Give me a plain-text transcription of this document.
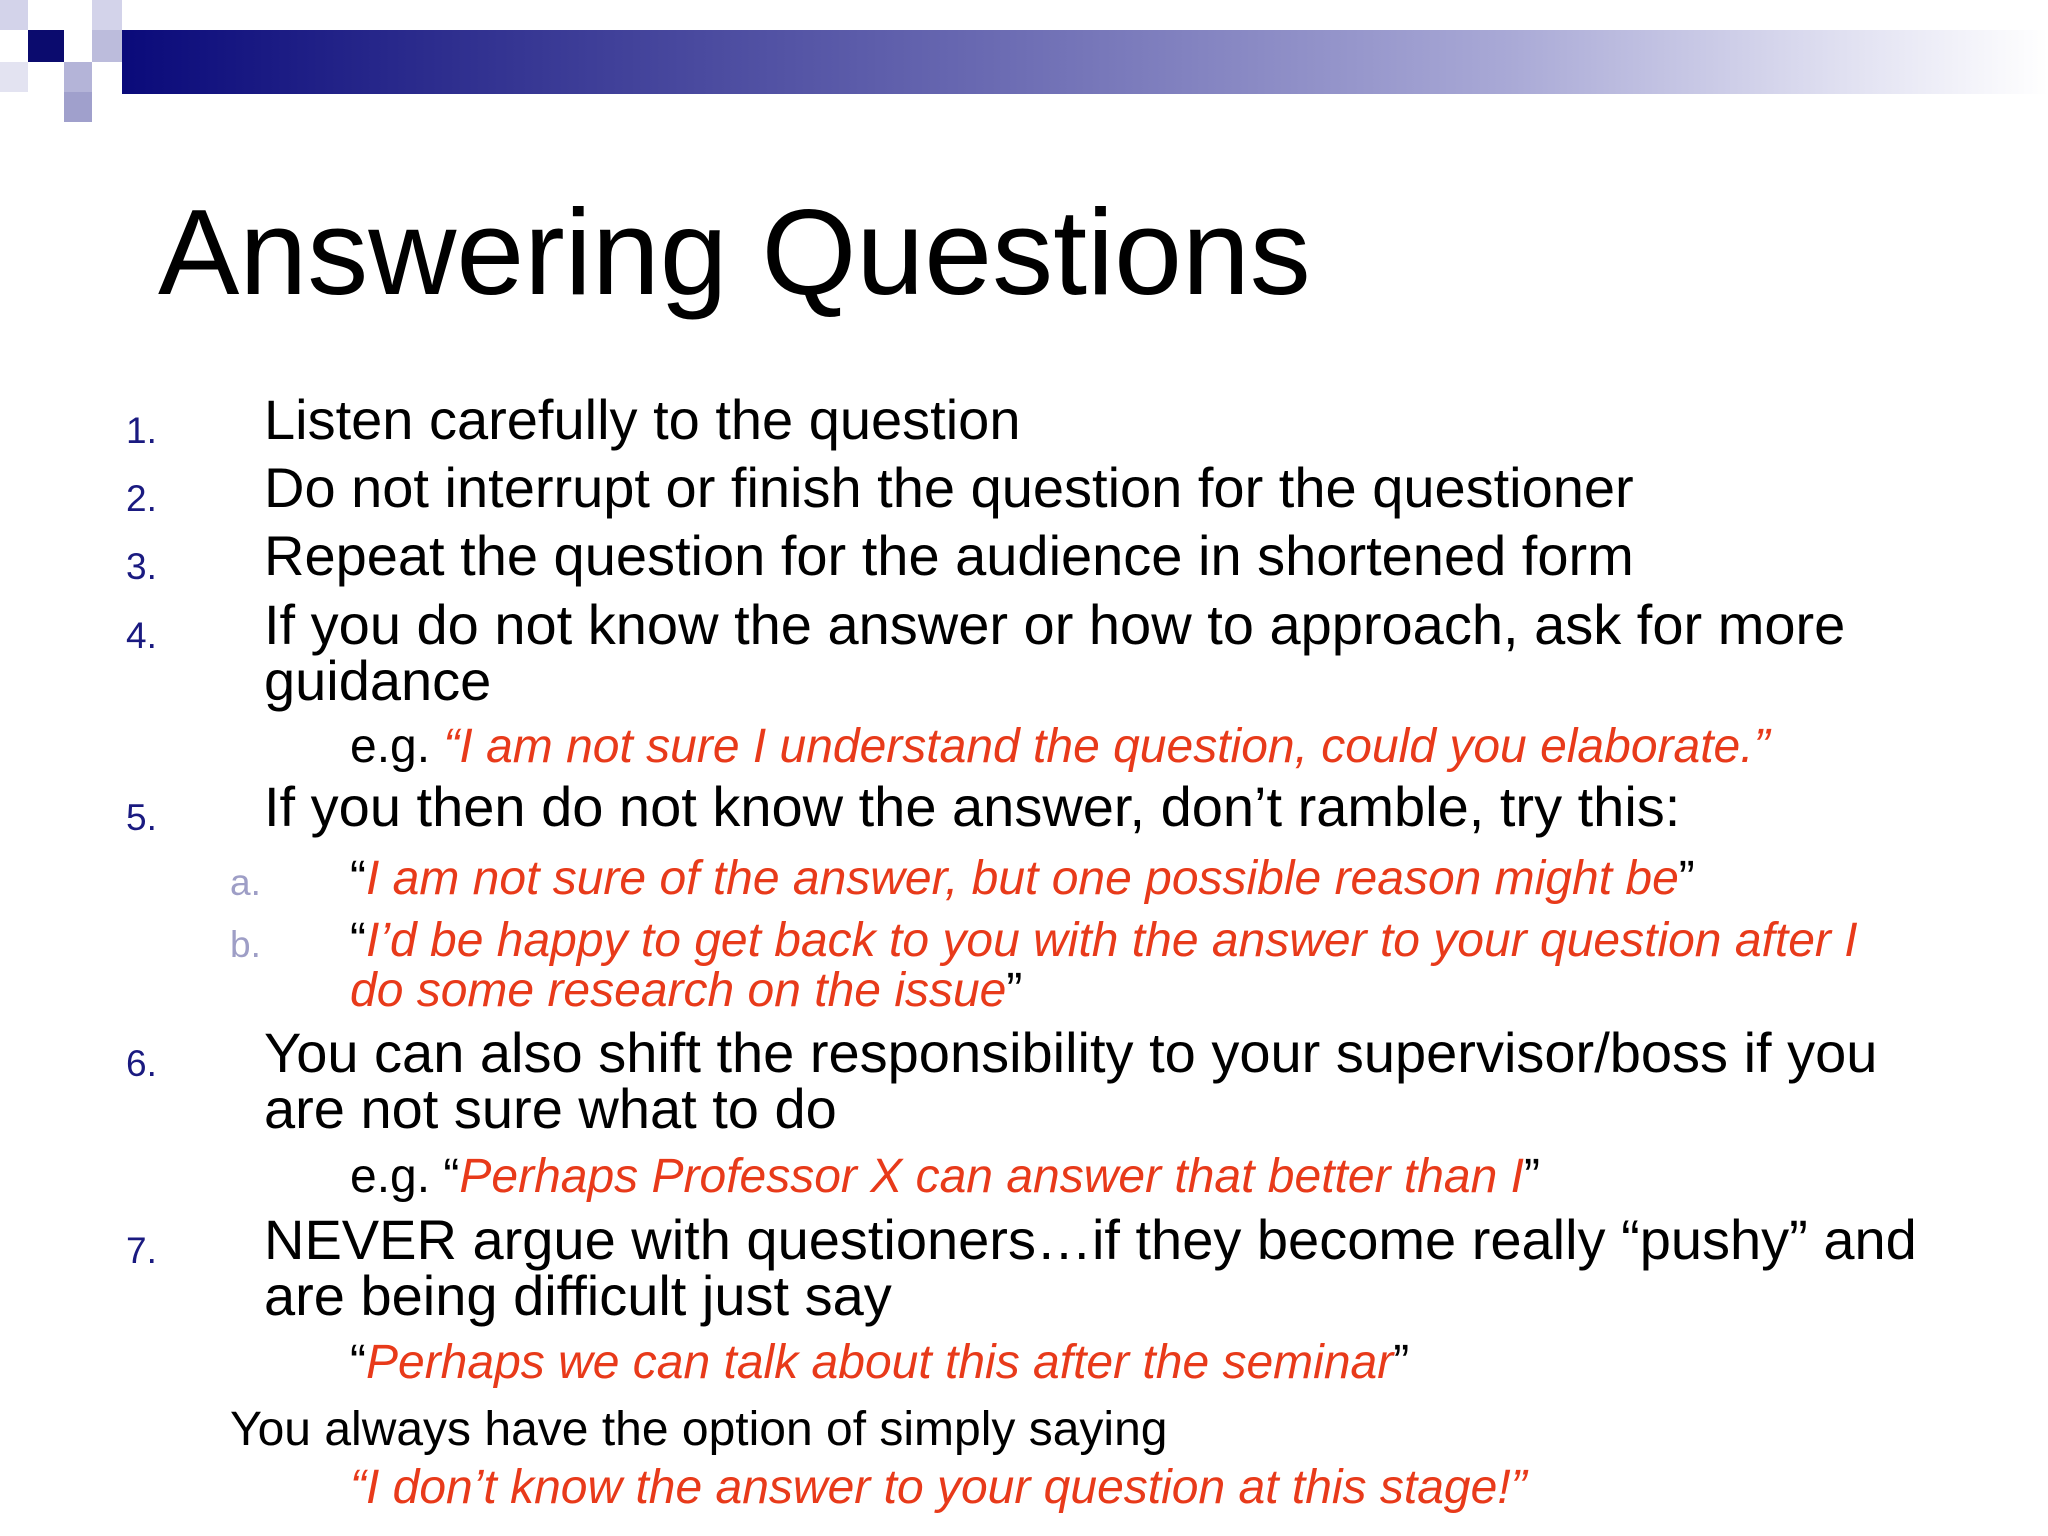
Answering Questions
1. Listen carefully to the question
2. Do not interrupt or finish the question for the questioner
3. Repeat the question for the audience in shortened form
4. If you do not know the answer or how to approach, ask for more
guidance
e.g. “I am not sure I understand the question, could you elaborate.”
5. If you then do not know the answer, don’t ramble, try this:
a. “I am not sure of the answer, but one possible reason might be”
b. “I’d be happy to get back to you with the answer to your question after I
do some research on the issue”
6. You can also shift the responsibility to your supervisor/boss if you
are not sure what to do
e.g. “Perhaps Professor X can answer that better than I”
7. NEVER argue with questioners…if they become really “pushy” and
are being difficult just say
“Perhaps we can talk about this after the seminar”
You always have the option of simply saying
“I don’t know the answer to your question at this stage!”
